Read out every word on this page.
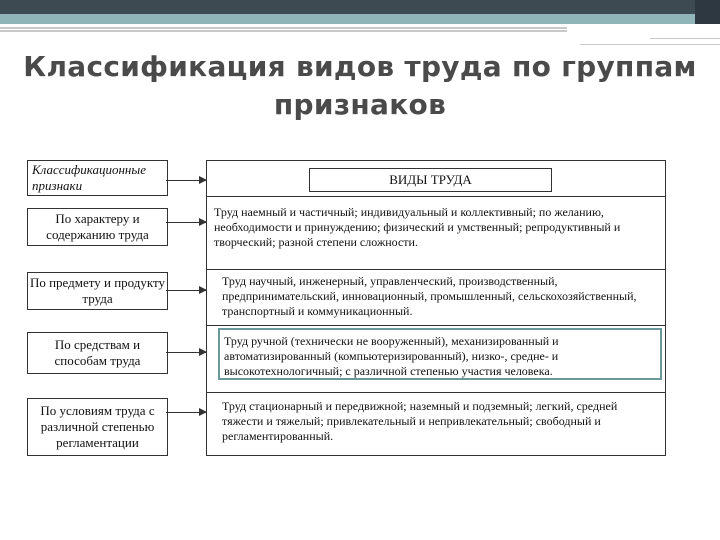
Классификация видов труда по группам признаков
Классификационные признаки
По характеру и содержанию труда
По предмету и продукту труда
По средствам и способам труда
По условиям труда с различной степенью регламентации
ВИДЫ ТРУДА
Труд наемный и частичный; индивидуальный и коллективный; по желанию, необходимости и принуждению; физический и умственный; репродуктивный и творческий; разной степени сложности.
Труд научный, инженерный, управленческий, производственный, предпринимательский, инновационный, промышленный, сельскохозяйственный, транспортный и коммуникационный.
Труд ручной (технически не вооруженный), механизированный и автоматизированный (компьютеризированный), низко-, средне- и высокотехнологичный; с различной степенью участия человека.
Труд стационарный и передвижной; наземный и подземный; легкий, средней тяжести и тяжелый; привлекательный и непривлекательный; свободный и регламентированный.
